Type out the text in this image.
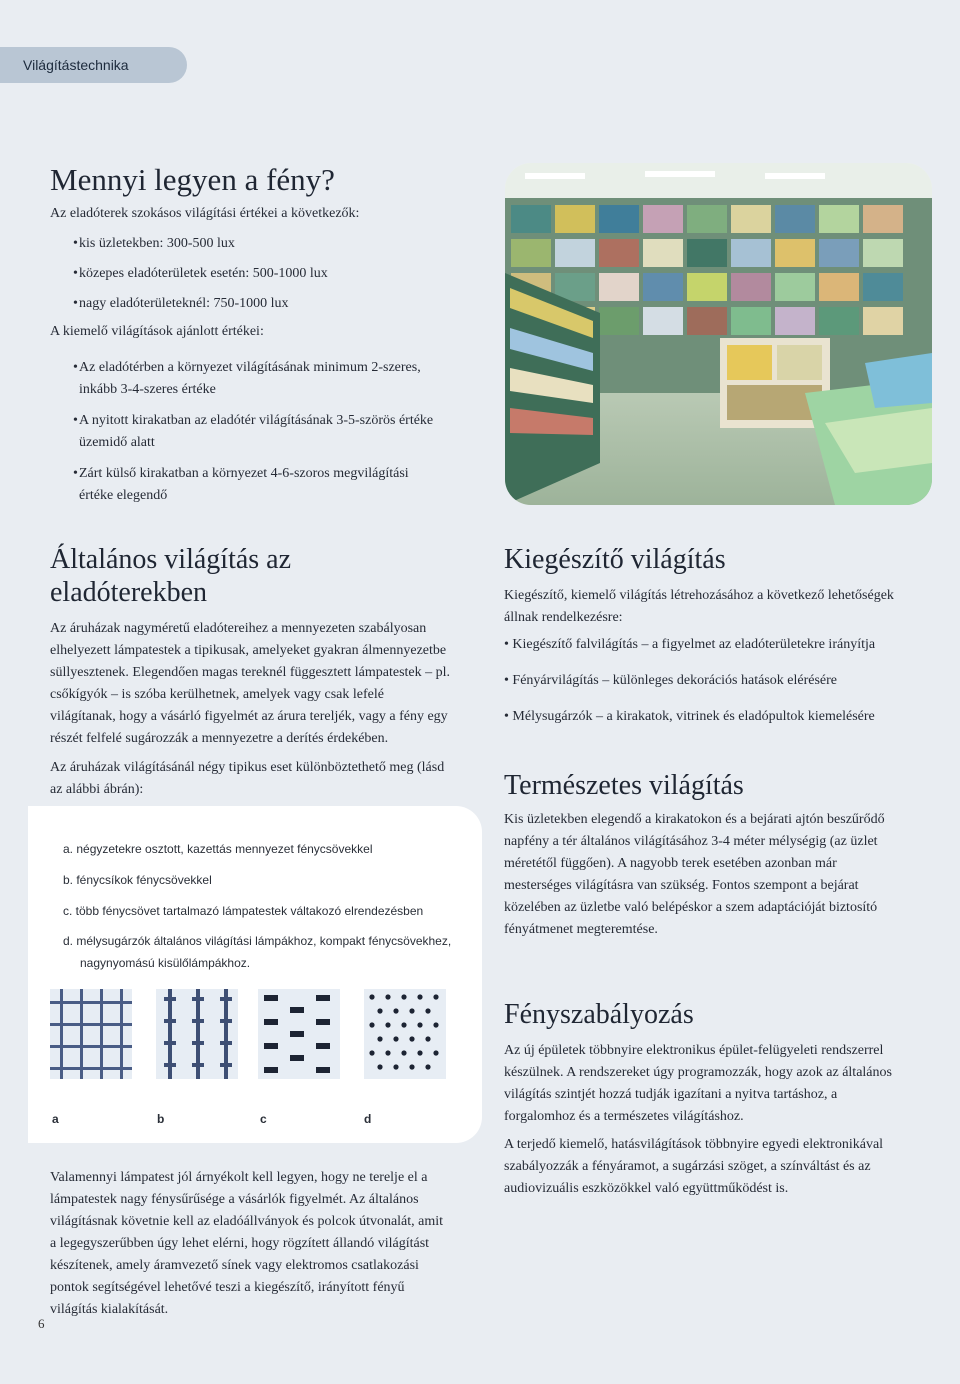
Világítástechnika
Mennyi legyen a fény?
Az eladóterek szokásos világítási értékei a következők:
• kis üzletekben: 300-500 lux
• közepes eladóterületek esetén: 500-1000 lux
• nagy eladóterületeknél: 750-1000 lux
A kiemelő világítások ajánlott értékei:
• Az eladótérben a környezet világításának minimum 2-szeres,
inkább 3-4-szeres értéke
• A nyitott kirakatban az eladótér világításának 3-5-szörös értéke
üzemidő alatt
• Zárt külső kirakatban a környezet 4-6-szoros megvilágítási
értéke elegendő
Általános világítás az
eladóterekben
Az áruházak nagyméretű eladótereihez a mennyezeten szabályosan
elhelyezett lámpatestek a tipikusak, amelyeket gyakran álmennyezetbe
süllyesztenek. Elegendően magas tereknél függesztett lámpatestek – pl.
csőkígyók – is szóba kerülhetnek, amelyek vagy csak lefelé
világítanak, hogy a vásárló figyelmét az árura tereljék, vagy a fény egy
részét felfelé sugározzák a mennyezetre a derítés érdekében.
Az áruházak világításánál négy tipikus eset különböztethető meg (lásd
az alábbi ábrán):
a. négyzetekre osztott, kazettás mennyezet fénycsövekkel
b. fénycsíkok fénycsövekkel
c. több fénycsövet tartalmazó lámpatestek váltakozó elrendezésben
d. mélysugárzók általános világítási lámpákhoz, kompakt fénycsövekhez,
nagynyomású kisülőlámpákhoz.
a	b	c	d
Valamennyi lámpatest jól árnyékolt kell legyen, hogy ne terelje el a
lámpatestek nagy fénysűrűsége a vásárlók figyelmét. Az általános
világításnak követnie kell az eladóállványok és polcok útvonalát, amit
a legegyszerűbben úgy lehet elérni, hogy rögzített állandó világítást
készítenek, amely áramvezető sínek vagy elektromos csatlakozási
pontok segítségével lehetővé teszi a kiegészítő, irányított fényű
világítás kialakítását.
6
Kiegészítő világítás
Kiegészítő, kiemelő világítás létrehozásához a következő lehetőségek
állnak rendelkezésre:
• Kiegészítő falvilágítás – a figyelmet az eladóterületekre irányítja
• Fényárvilágítás – különleges dekorációs hatások elérésére
• Mélysugárzók – a kirakatok, vitrinek és eladópultok kiemelésére
Természetes világítás
Kis üzletekben elegendő a kirakatokon és a bejárati ajtón beszűrődő
napfény a tér általános világításához 3-4 méter mélységig (az üzlet
méretétől függően). A nagyobb terek esetében azonban már
mesterséges világításra van szükség. Fontos szempont a bejárat
közelében az üzletbe való belépéskor a szem adaptációját biztosító
fényátmenet megteremtése.
Fényszabályozás
Az új épületek többnyire elektronikus épület-felügyeleti rendszerrel
készülnek. A rendszereket úgy programozzák, hogy azok az általános
világítás szintjét hozzá tudják igazítani a nyitva tartáshoz, a
forgalomhoz és a természetes világításhoz.
A terjedő kiemelő, hatásvilágítások többnyire egyedi elektronikával
szabályozzák a fényáramot, a sugárzási szöget, a színváltást és az
audiovizuális eszközökkel való együttműködést is.
